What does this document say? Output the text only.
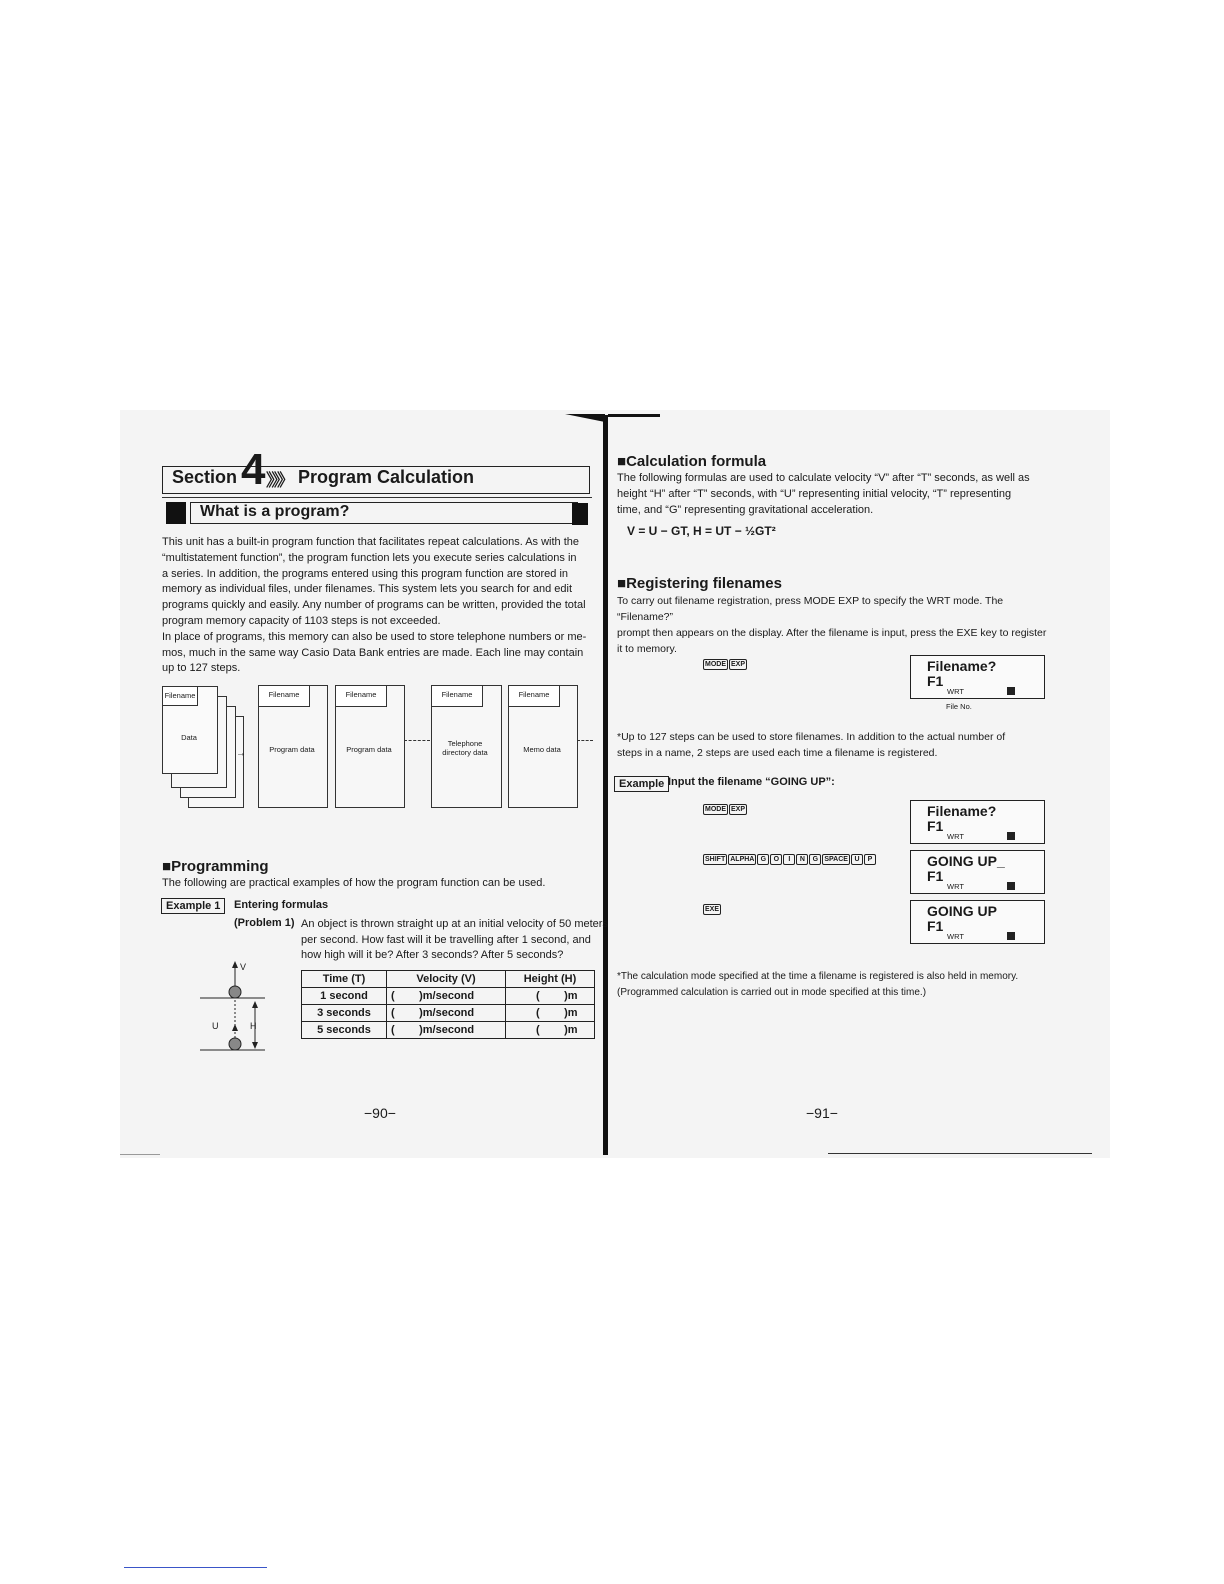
Section 4 》》》 Program Calculation
What is a program?
This unit has a built-in program function that facilitates repeat calculations. As with the
“multistatement function”, the program function lets you execute series calculations in
a series. In addition, the programs entered using this program function are stored in
memory as individual files, under filenames. This system lets you search for and edit
programs quickly and easily. Any number of programs can be written, provided the total
program memory capacity of 1103 steps is not exceeded.
In place of programs, this memory can also be used to store telephone numbers or me-
mos, much in the same way Casio Data Bank entries are made. Each line may contain
up to 127 steps.
Filename
Data
→
Filename
Program data
Filename
Program data
Filename
Telephone directory data
Filename
Memo data
■Programming
The following are practical examples of how the program function can be used.
Example 1	Entering formulas
(Problem 1) An object is thrown straight up at an initial velocity of 50 meters
per second. How fast will it be travelling after 1 second, and
how high will it be? After 3 seconds? After 5 seconds?
V
U	H
Time (T)	Velocity (V)	Height (H)
1 second	(        )m/second	(        )m
3 seconds	(        )m/second	(        )m
5 seconds	(        )m/second	(        )m
−90−
■Calculation formula
The following formulas are used to calculate velocity “V” after “T” seconds, as well as
height “H” after “T” seconds, with “U” representing initial velocity, “T” representing
time, and “G” representing gravitational acceleration.
V = U − GT, H = UT − ½GT²
■Registering filenames
To carry out filename registration, press MODE EXP to specify the WRT mode. The “Filename?”
prompt then appears on the display. After the filename is input, press the EXE key to register
it to memory.
MODE EXP	Filename?
F1
WRT
File No.
*Up to 127 steps can be used to store filenames. In addition to the actual number of
steps in a name, 2 steps are used each time a filename is registered.
Example Input the filename “GOING UP”:
MODE EXP	Filename?
F1
WRT
SHIFT ALPHA G O I N G SPACE U P	GOING UP_
F1
WRT
EXE	GOING UP
F1
WRT
*The calculation mode specified at the time a filename is registered is also held in memory.
(Programmed calculation is carried out in mode specified at this time.)
−91−
